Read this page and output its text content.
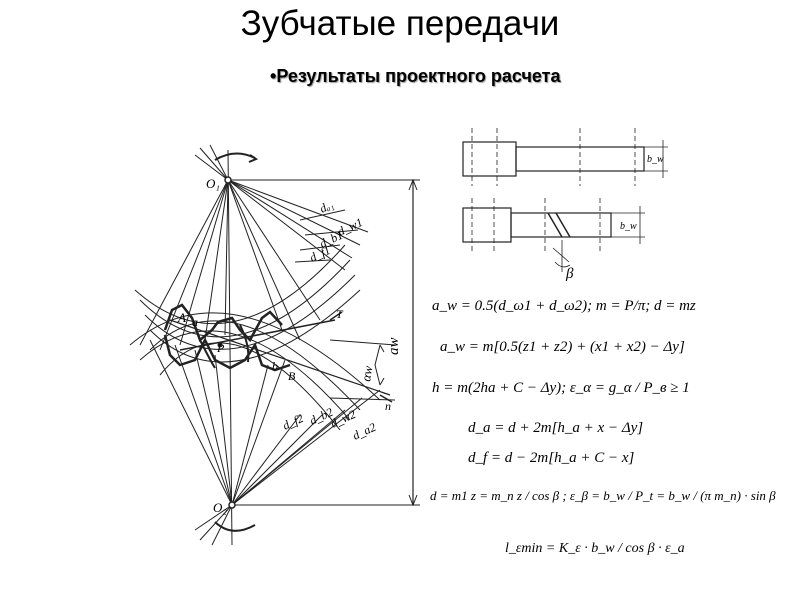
Зубчатые передачи
•Результаты проектного расчета
O₁
O₂
dₐ₁
d_w1
d_b1
d_f1
d_f2 d_b2
d_w2
d_a2
aw
αw
A a
P
b
B
T
n
b_w
b_w
β
a_w = 0.5(d_ω1 + d_ω2); m = P/π; d = mz
a_w = m[0.5(z1 + z2) + (x1 + x2) − Δy]
h = m(2ha + C − Δy); ε_α = g_α / P_в ≥ 1
d_a = d + 2m[h_a + x − Δy]
d_f = d − 2m[h_a + C − x]
d = m1 z = m_n z / cos β ; ε_β = b_w / P_t = b_w / (π m_n) · sin β
l_εmin = K_ε · b_w / cos β · ε_a
